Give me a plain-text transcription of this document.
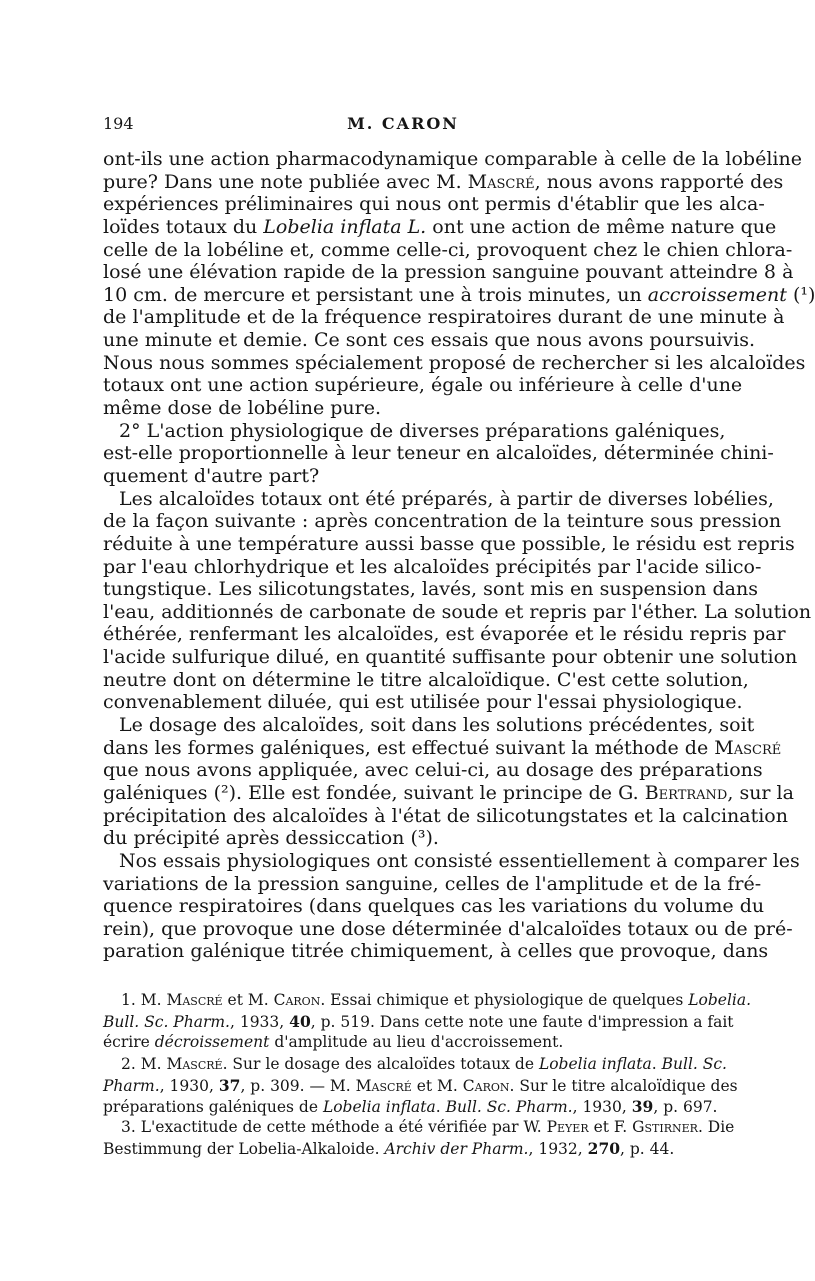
194	M. CARON
ont-ils une action pharmacodynamique comparable à celle de la lobéline
pure? Dans une note publiée avec M. Mascré, nous avons rapporté des
expériences préliminaires qui nous ont permis d'établir que les alca-
loïdes totaux du Lobelia inflata L. ont une action de même nature que
celle de la lobéline et, comme celle-ci, provoquent chez le chien chlora-
losé une élévation rapide de la pression sanguine pouvant atteindre 8 à
10 cm. de mercure et persistant une à trois minutes, un accroissement (¹)
de l'amplitude et de la fréquence respiratoires durant de une minute à
une minute et demie. Ce sont ces essais que nous avons poursuivis.
Nous nous sommes spécialement proposé de rechercher si les alcaloïdes
totaux ont une action supérieure, égale ou inférieure à celle d'une
même dose de lobéline pure.
2° L'action physiologique de diverses préparations galéniques,
est-elle proportionnelle à leur teneur en alcaloïdes, déterminée chini-
quement d'autre part?
Les alcaloïdes totaux ont été préparés, à partir de diverses lobélies,
de la façon suivante : après concentration de la teinture sous pression
réduite à une température aussi basse que possible, le résidu est repris
par l'eau chlorhydrique et les alcaloïdes précipités par l'acide silico-
tungstique. Les silicotungstates, lavés, sont mis en suspension dans
l'eau, additionnés de carbonate de soude et repris par l'éther. La solution
éthérée, renfermant les alcaloïdes, est évaporée et le résidu repris par
l'acide sulfurique dilué, en quantité suffisante pour obtenir une solution
neutre dont on détermine le titre alcaloïdique. C'est cette solution,
convenablement diluée, qui est utilisée pour l'essai physiologique.
Le dosage des alcaloïdes, soit dans les solutions précédentes, soit
dans les formes galéniques, est effectué suivant la méthode de Mascré
que nous avons appliquée, avec celui-ci, au dosage des préparations
galéniques (²). Elle est fondée, suivant le principe de G. Bertrand, sur la
précipitation des alcaloïdes à l'état de silicotungstates et la calcination
du précipité après dessiccation (³).
Nos essais physiologiques ont consisté essentiellement à comparer les
variations de la pression sanguine, celles de l'amplitude et de la fré-
quence respiratoires (dans quelques cas les variations du volume du
rein), que provoque une dose déterminée d'alcaloïdes totaux ou de pré-
paration galénique titrée chimiquement, à celles que provoque, dans
1. M. Mascré et M. Caron. Essai chimique et physiologique de quelques Lobelia.
Bull. Sc. Pharm., 1933, 40, p. 519. Dans cette note une faute d'impression a fait
écrire décroissement d'amplitude au lieu d'accroissement.
2. M. Mascré. Sur le dosage des alcaloïdes totaux de Lobelia inflata. Bull. Sc.
Pharm., 1930, 37, p. 309. — M. Mascré et M. Caron. Sur le titre alcaloïdique des
préparations galéniques de Lobelia inflata. Bull. Sc. Pharm., 1930, 39, p. 697.
3. L'exactitude de cette méthode a été vérifiée par W. Peyer et F. Gstirner. Die
Bestimmung der Lobelia-Alkaloide. Archiv der Pharm., 1932, 270, p. 44.
